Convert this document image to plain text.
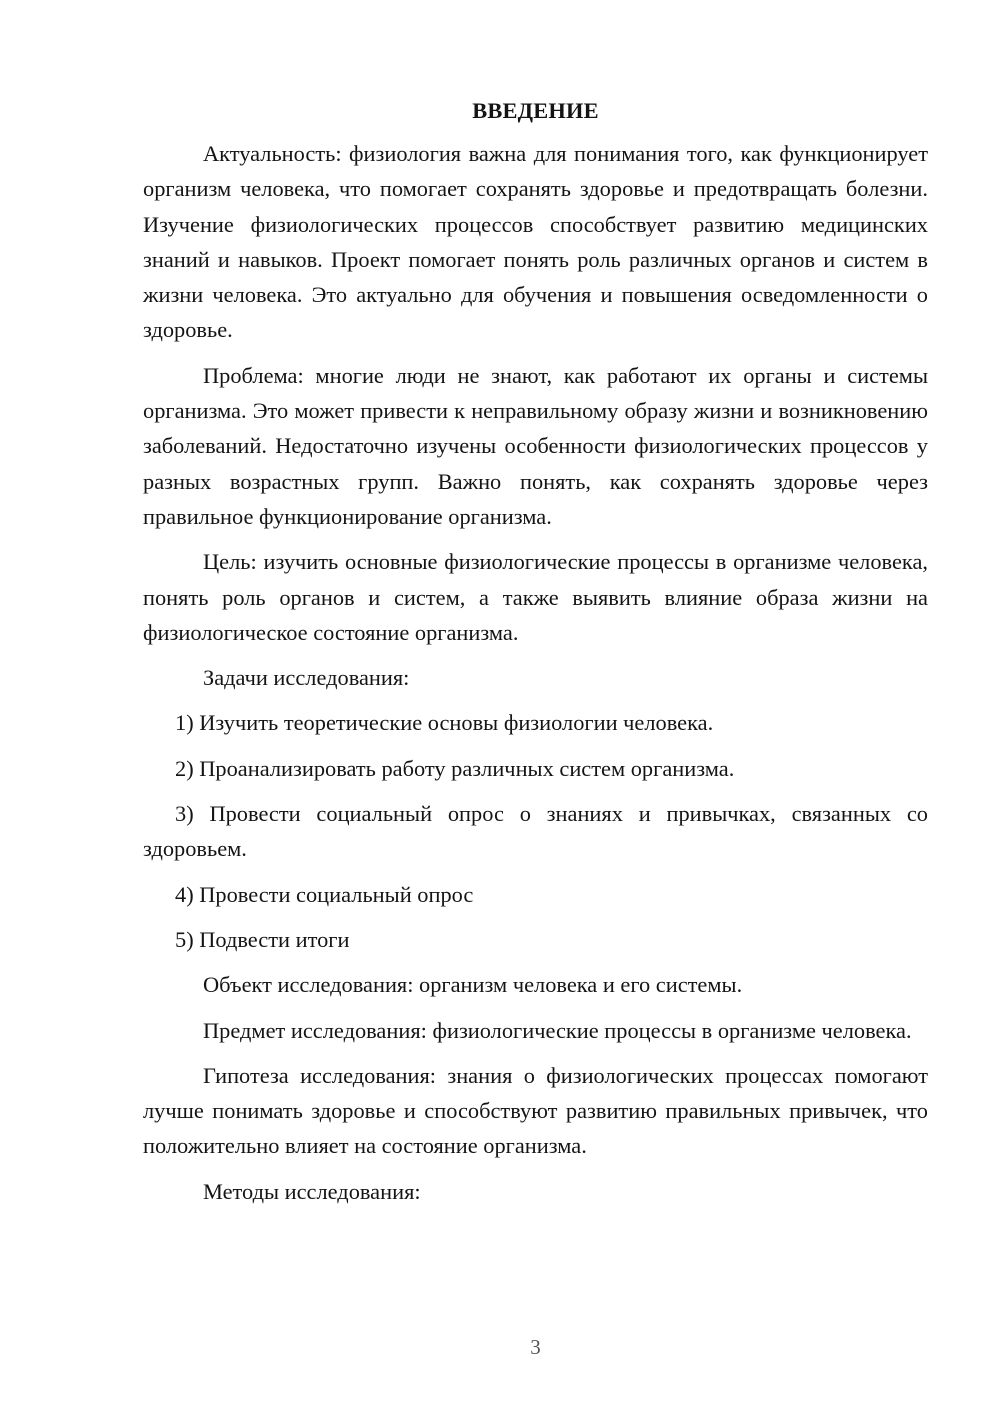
ВВЕДЕНИЕ

Актуальность: физиология важна для понимания того, как функционирует организм человека, что помогает сохранять здоровье и предотвращать болезни. Изучение физиологических процессов способствует развитию медицинских знаний и навыков. Проект помогает понять роль различных органов и систем в жизни человека. Это актуально для обучения и повышения осведомленности о здоровье.

Проблема: многие люди не знают, как работают их органы и системы организма. Это может привести к неправильному образу жизни и возникновению заболеваний. Недостаточно изучены особенности физиологических процессов у разных возрастных групп. Важно понять, как сохранять здоровье через правильное функционирование организма.

Цель: изучить основные физиологические процессы в организме человека, понять роль органов и систем, а также выявить влияние образа жизни на физиологическое состояние организма.

Задачи исследования:

1) Изучить теоретические основы физиологии человека.

2) Проанализировать работу различных систем организма.

3) Провести социальный опрос о знаниях и привычках, связанных со здоровьем.

4) Провести социальный опрос

5) Подвести итоги

Объект исследования: организм человека и его системы.

Предмет исследования: физиологические процессы в организме человека.

Гипотеза исследования: знания о физиологических процессах помогают лучше понимать здоровье и способствуют развитию правильных привычек, что положительно влияет на состояние организма.

Методы исследования:

3
